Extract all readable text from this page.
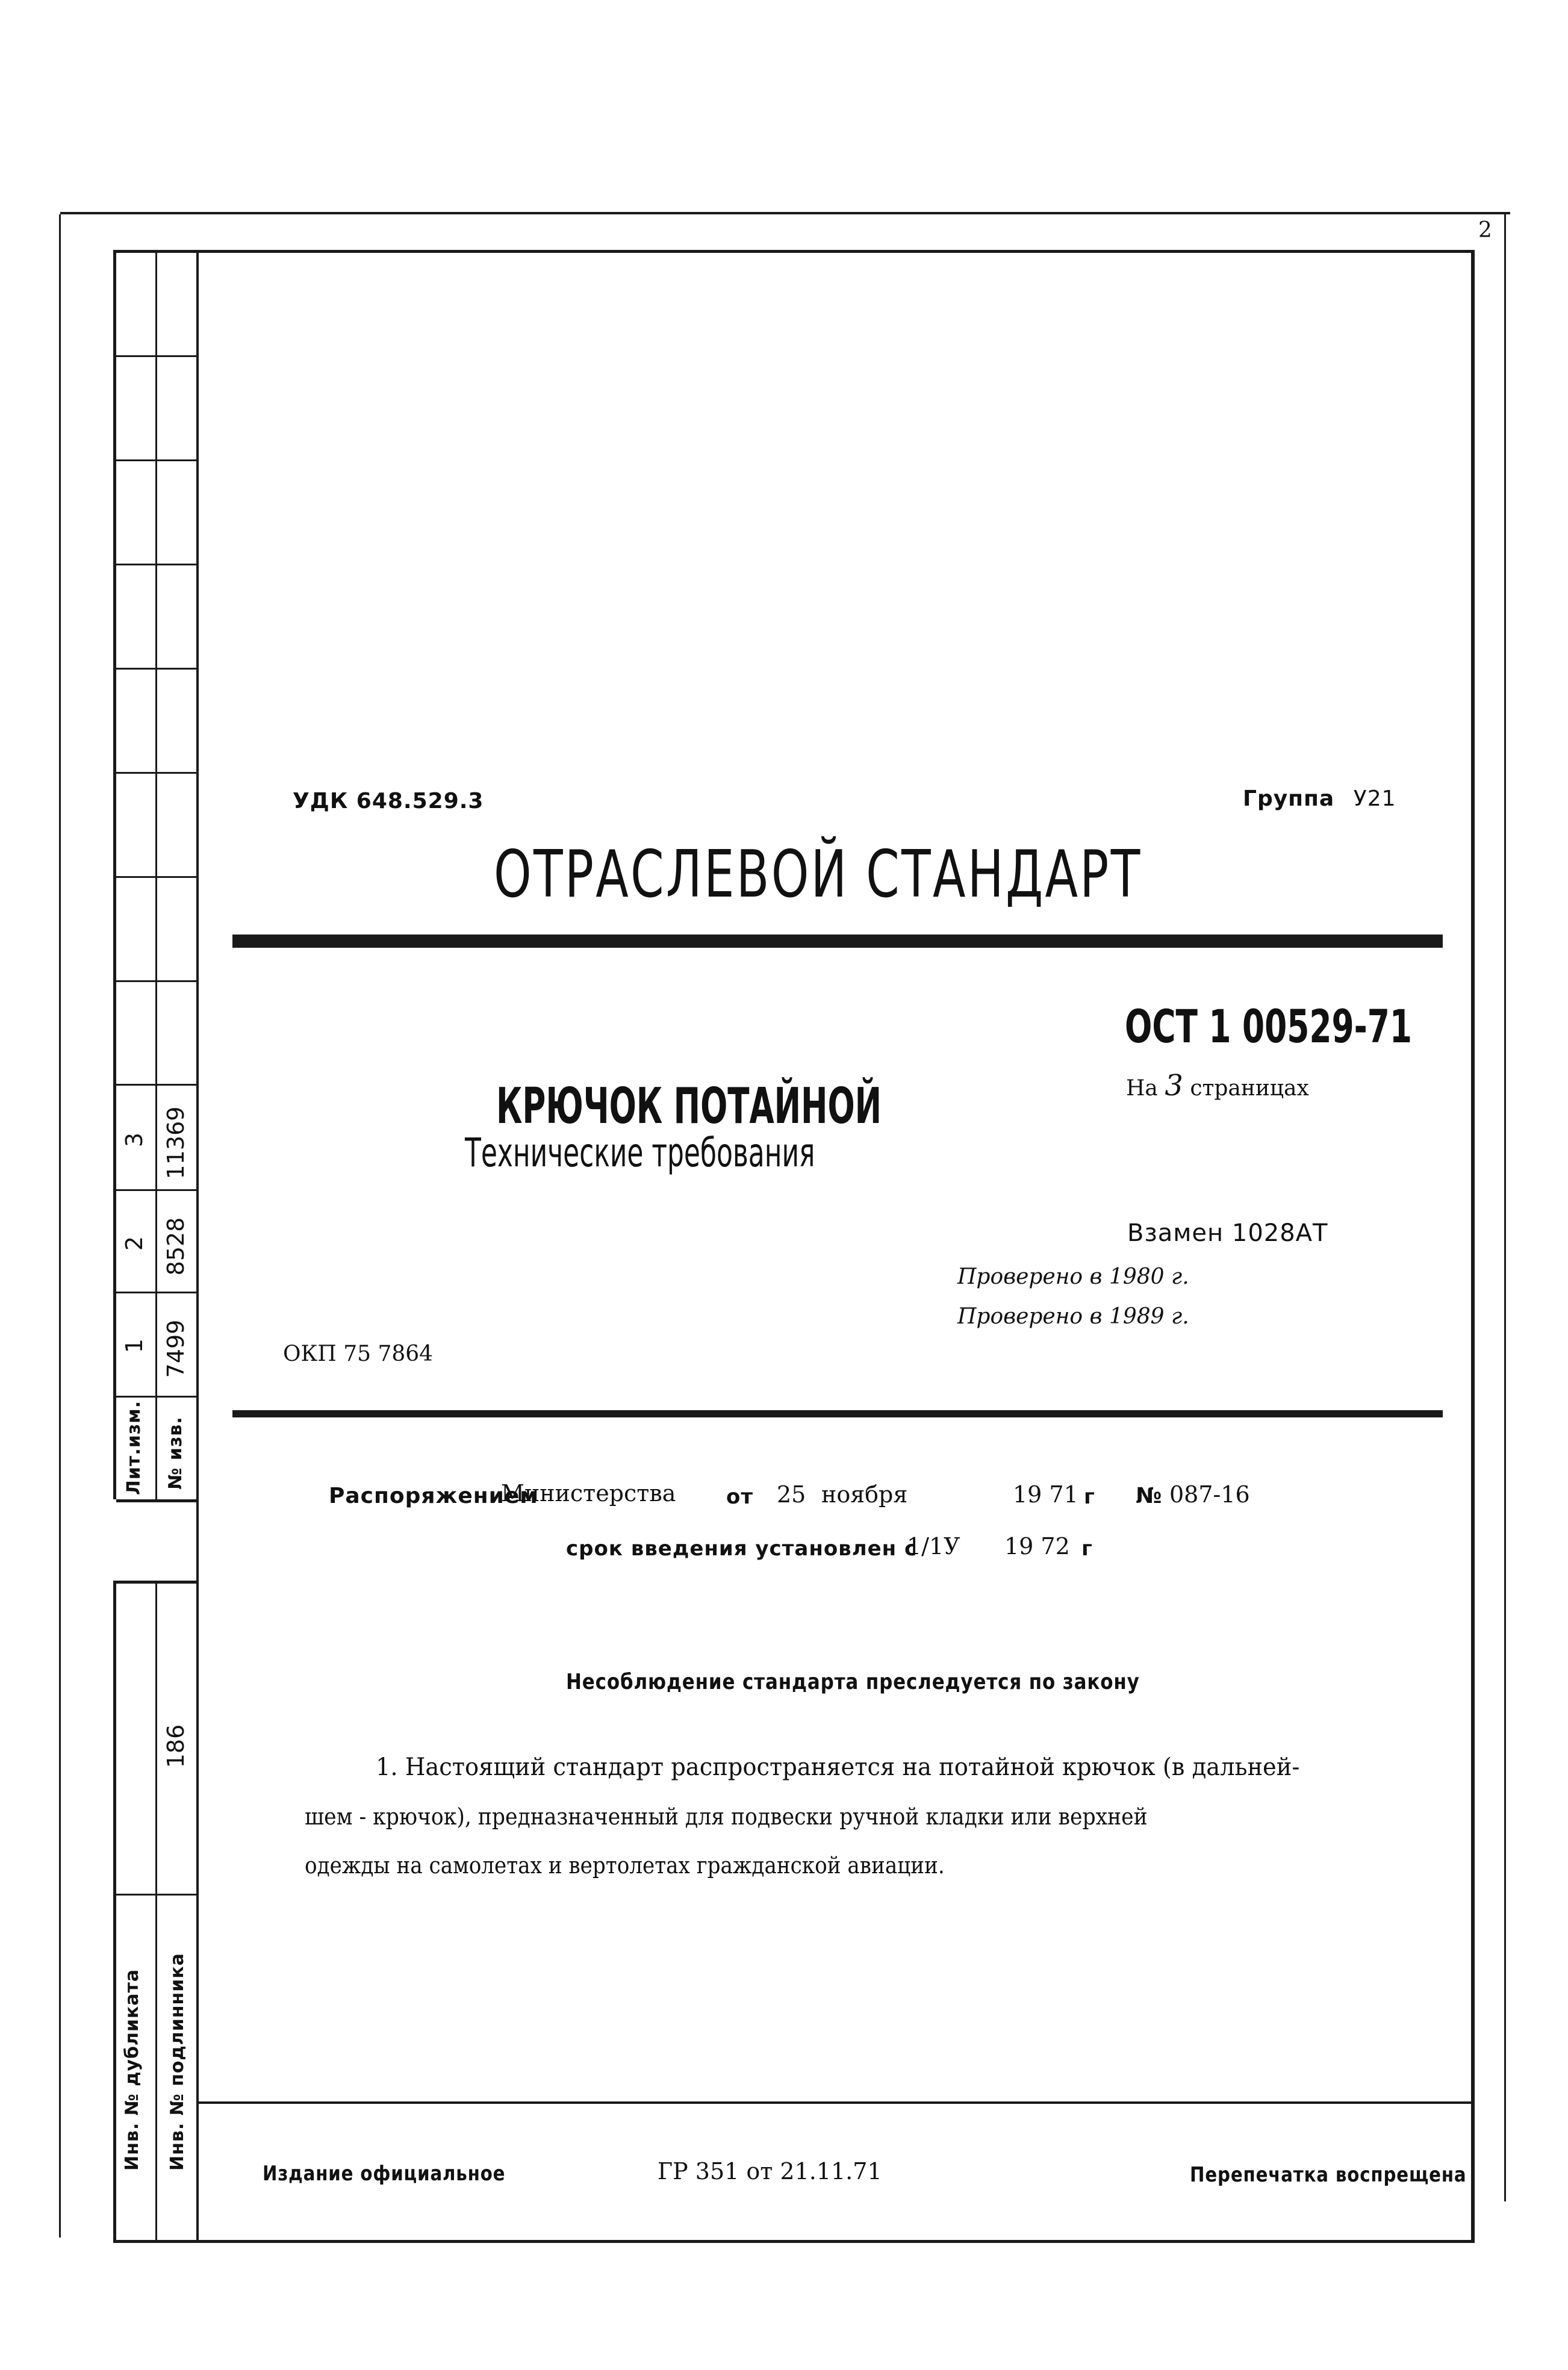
2
1 7499
2 8528
3 11369
Лит.изм.	№ изв.
186
Инв. № дубликата	Инв. № подлинника
УДК 648.529.3	Группа У21
ОТРАСЛЕВОЙ СТАНДАРТ
ОСТ 1 00529-71
На 3 страницах
КРЮЧОК ПОТАЙНОЙ
Технические требования
Взамен 1028АТ
Проверено в 1980 г.
Проверено в 1989 г.
ОКП 75 7864
Распоряжением
Министерства от 25 ноября	19 71 г № 087-16
срок введения установлен с
1/1У 19 72 г
Несоблюдение стандарта преследуется по закону
1. Настоящий стандарт распространяется на потайной крючок (в дальней-
шем - крючок), предназначенный для подвески ручной кладки или верхней
одежды на самолетах и вертолетах гражданской авиации.
Издание официальное	ГР 351 от 21.11.71	Перепечатка воспрещена
